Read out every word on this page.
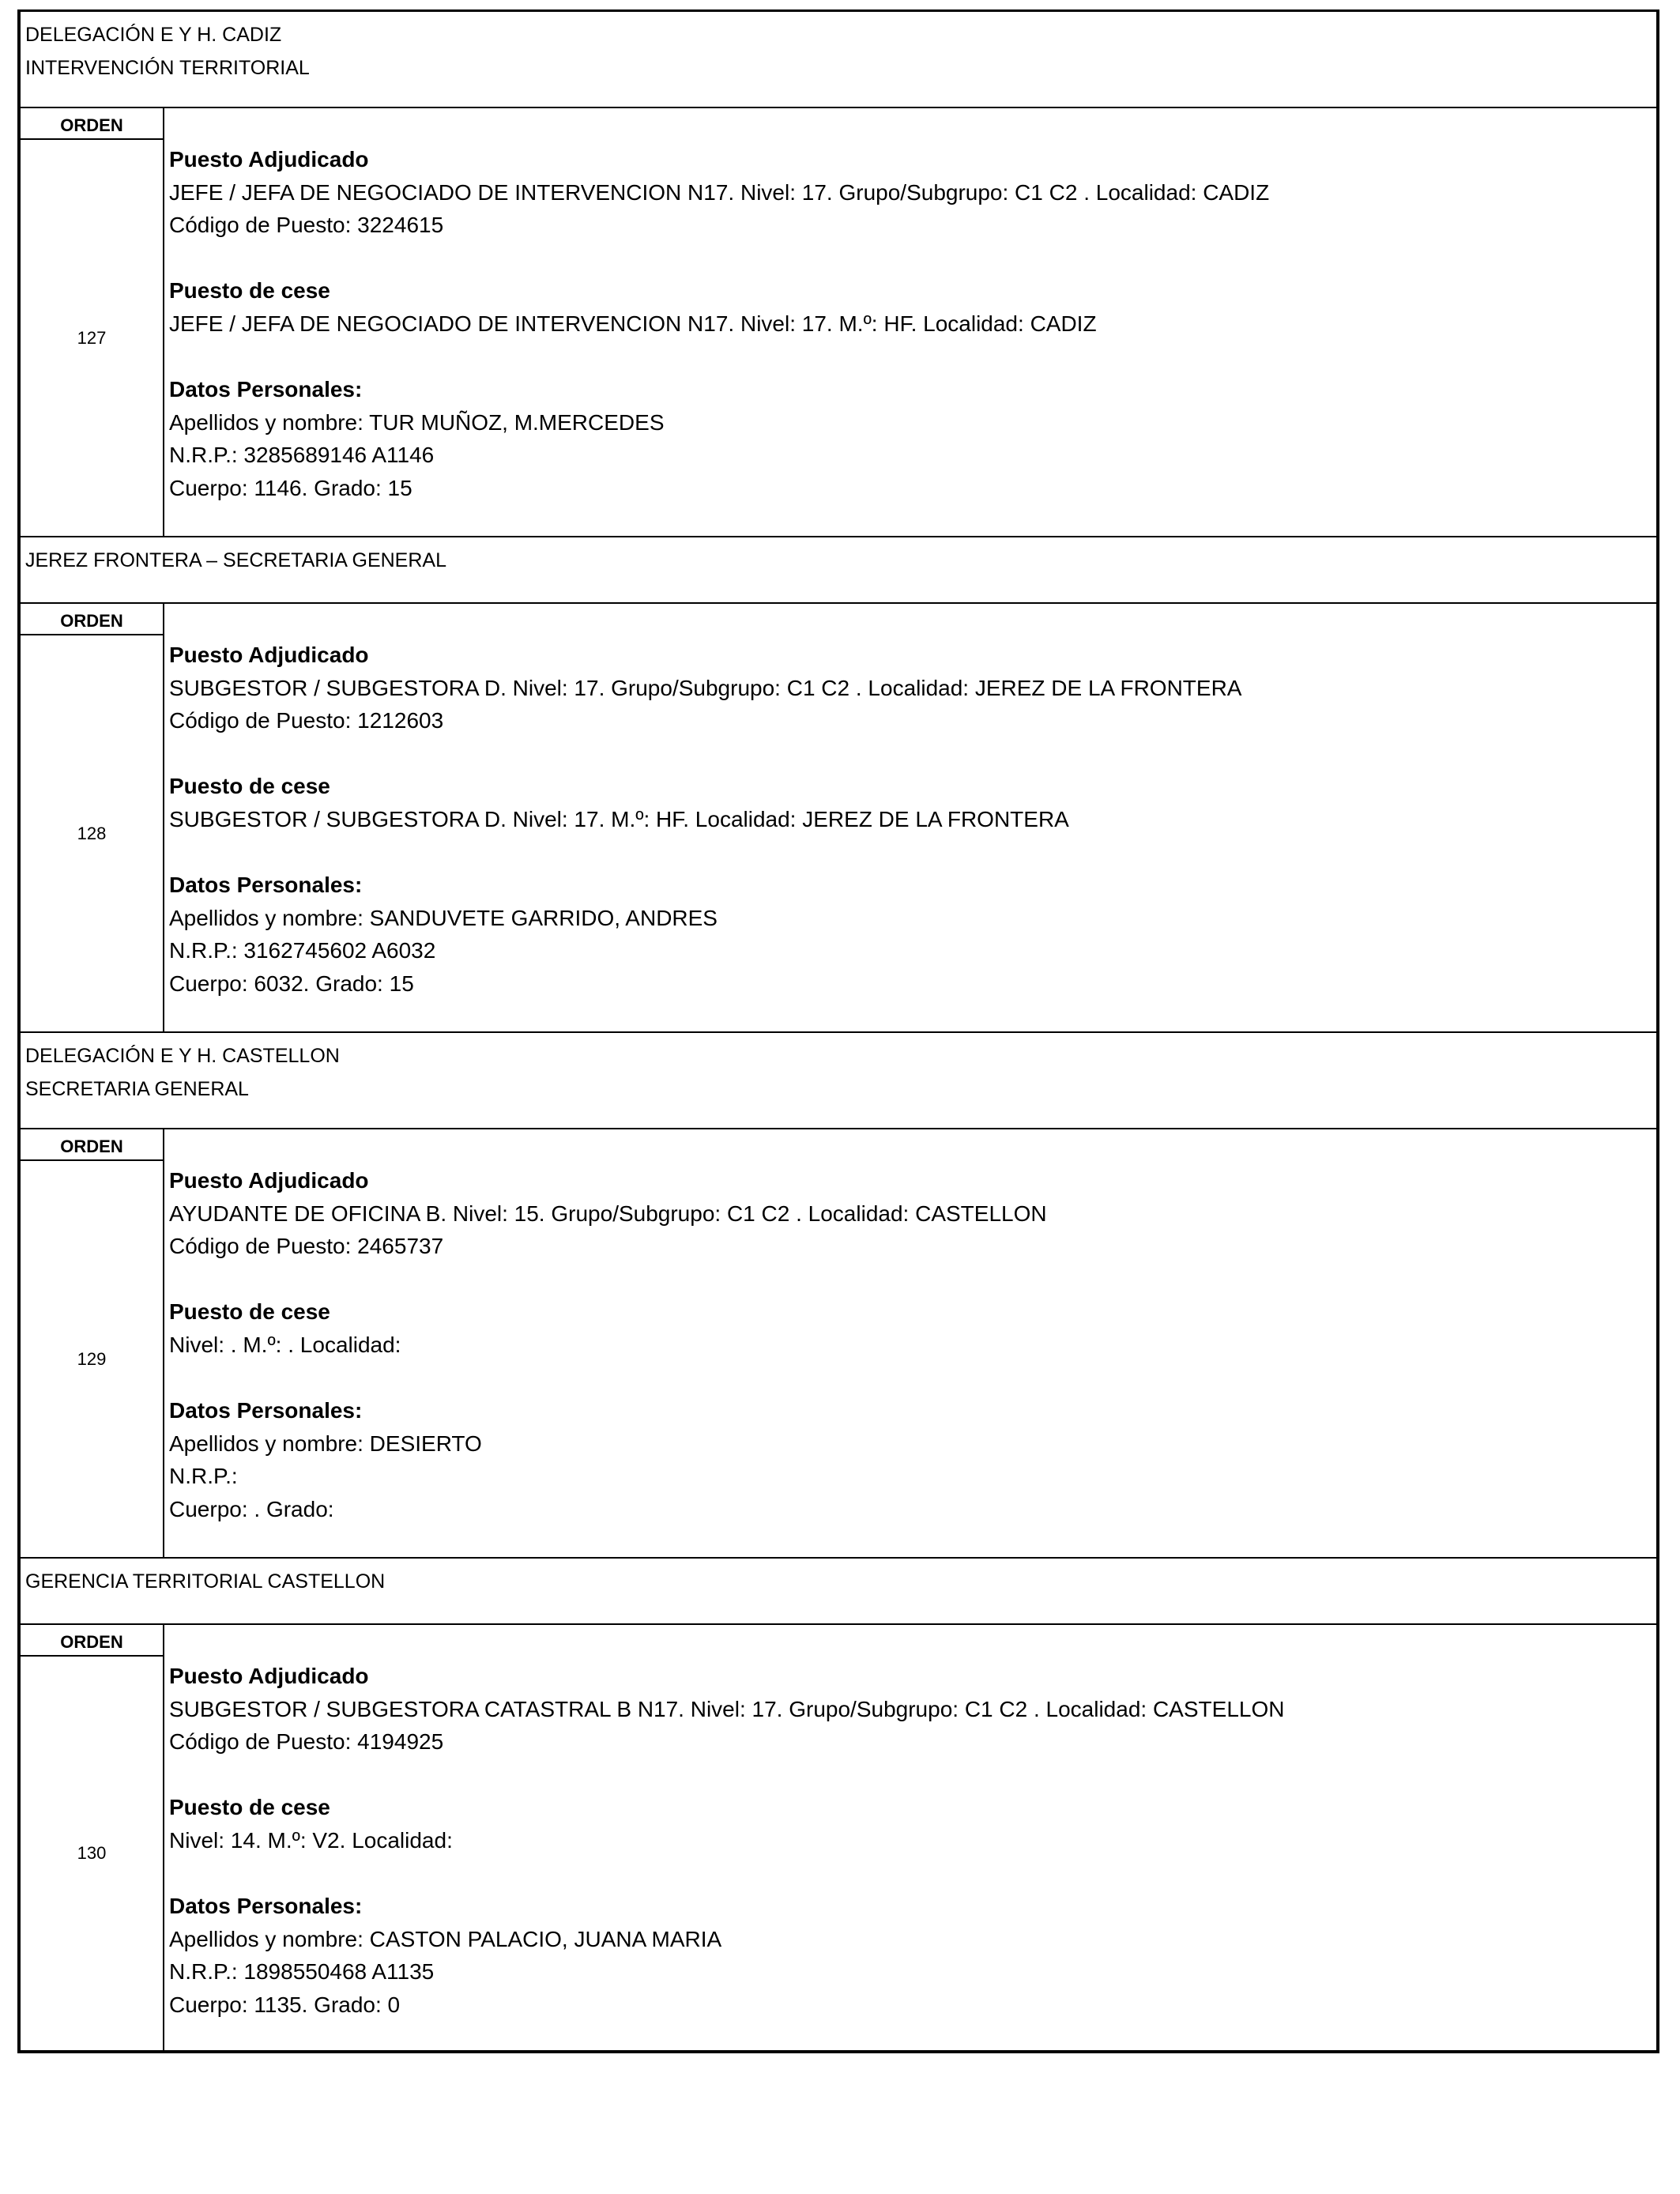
DELEGACIÓN E Y H. CADIZ
INTERVENCIÓN TERRITORIAL
ORDEN
127
Puesto Adjudicado
JEFE / JEFA DE NEGOCIADO DE INTERVENCION N17. Nivel: 17. Grupo/Subgrupo: C1 C2 . Localidad: CADIZ
Código de Puesto: 3224615
Puesto de cese
JEFE / JEFA DE NEGOCIADO DE INTERVENCION N17. Nivel: 17. M.º: HF. Localidad: CADIZ
Datos Personales:
Apellidos y nombre: TUR MUÑOZ, M.MERCEDES
N.R.P.: 3285689146 A1146
Cuerpo: 1146. Grado: 15
JEREZ FRONTERA – SECRETARIA GENERAL
ORDEN
128
Puesto Adjudicado
SUBGESTOR / SUBGESTORA D. Nivel: 17. Grupo/Subgrupo: C1 C2 . Localidad: JEREZ DE LA FRONTERA
Código de Puesto: 1212603
Puesto de cese
SUBGESTOR / SUBGESTORA D. Nivel: 17. M.º: HF. Localidad: JEREZ DE LA FRONTERA
Datos Personales:
Apellidos y nombre: SANDUVETE GARRIDO, ANDRES
N.R.P.: 3162745602 A6032
Cuerpo: 6032. Grado: 15
DELEGACIÓN E Y H. CASTELLON
SECRETARIA GENERAL
ORDEN
129
Puesto Adjudicado
AYUDANTE DE OFICINA B. Nivel: 15. Grupo/Subgrupo: C1 C2 . Localidad: CASTELLON
Código de Puesto: 2465737
Puesto de cese
Nivel: . M.º: . Localidad:
Datos Personales:
Apellidos y nombre: DESIERTO
N.R.P.:
Cuerpo: . Grado:
GERENCIA TERRITORIAL CASTELLON
ORDEN
130
Puesto Adjudicado
SUBGESTOR / SUBGESTORA CATASTRAL B N17. Nivel: 17. Grupo/Subgrupo: C1 C2 . Localidad: CASTELLON
Código de Puesto: 4194925
Puesto de cese
Nivel: 14. M.º: V2. Localidad:
Datos Personales:
Apellidos y nombre: CASTON PALACIO, JUANA MARIA
N.R.P.: 1898550468 A1135
Cuerpo: 1135. Grado: 0
